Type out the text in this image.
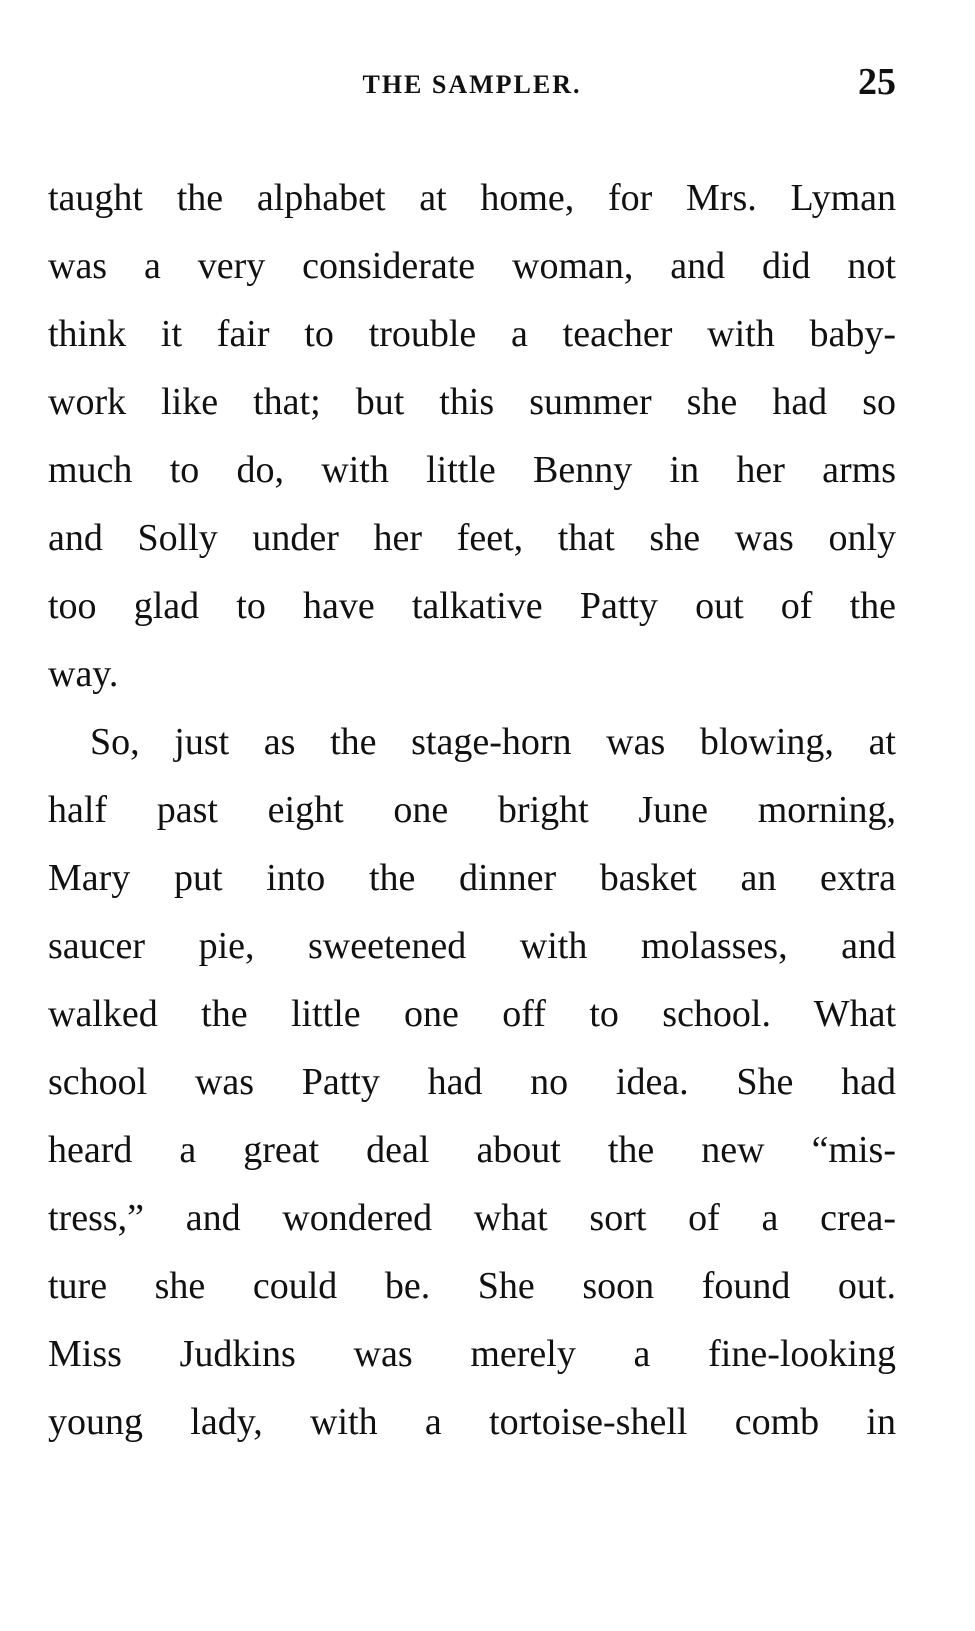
THE SAMPLER.	25
taught the alphabet at home, for Mrs. Lyman
was a very considerate woman, and did not
think it fair to trouble a teacher with baby-
work like that; but this summer she had so
much to do, with little Benny in her arms
and Solly under her feet, that she was only
too glad to have talkative Patty out of the
way.
So, just as the stage-horn was blowing, at
half past eight one bright June morning,
Mary put into the dinner basket an extra
saucer pie, sweetened with molasses, and
walked the little one off to school. What
school was Patty had no idea. She had
heard a great deal about the new “mis-
tress,” and wondered what sort of a crea-
ture she could be. She soon found out.
Miss Judkins was merely a fine-looking
young lady, with a tortoise-shell comb in
